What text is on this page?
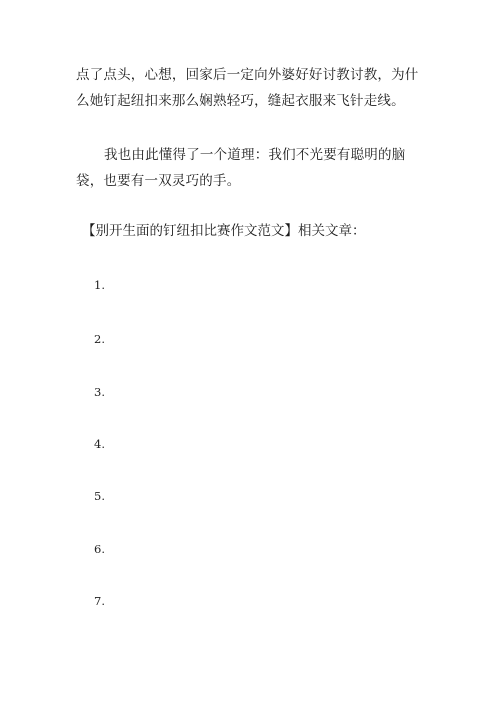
点了点头，心想，回家后一定向外婆好好讨教讨教，为什么她钉起纽扣来那么娴熟轻巧，缝起衣服来飞针走线。

我也由此懂得了一个道理：我们不光要有聪明的脑袋，也要有一双灵巧的手。

【别开生面的钉纽扣比赛作文范文】相关文章：

1.

2.

3.

4.

5.

6.

7.
